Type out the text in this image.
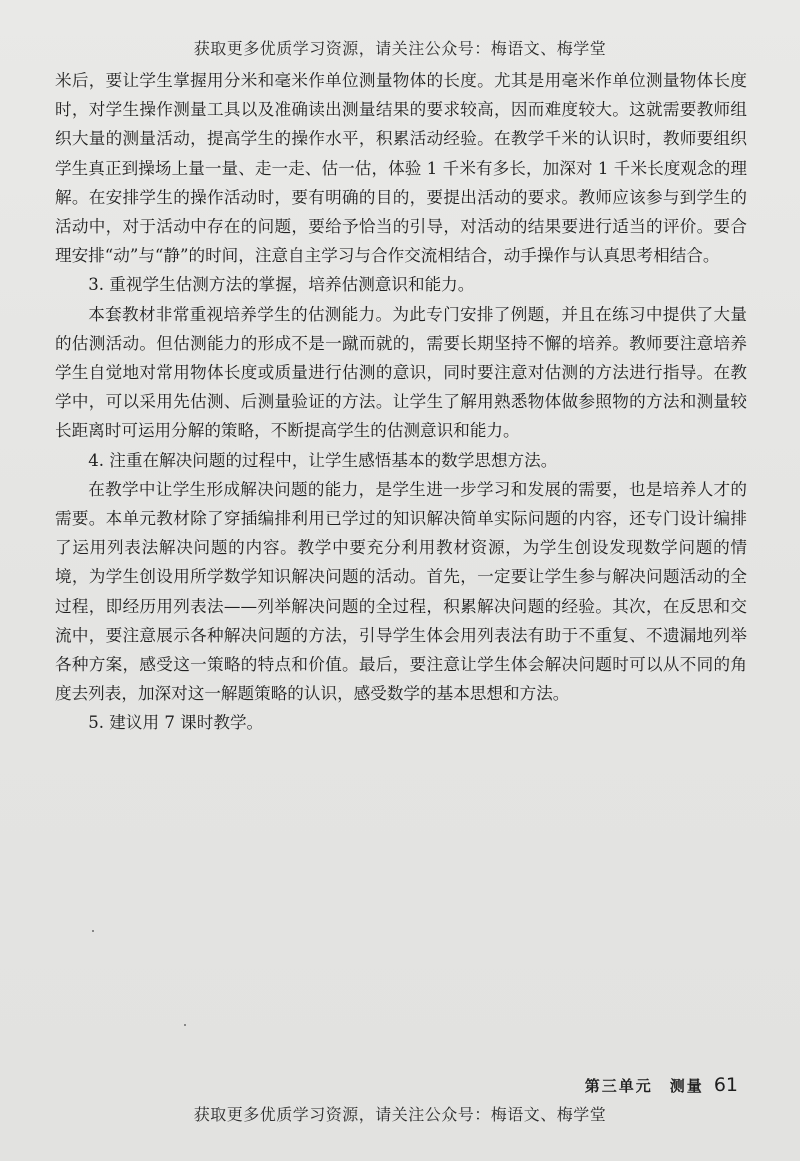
获取更多优质学习资源，请关注公众号：梅语文、梅学堂

米后，要让学生掌握用分米和毫米作单位测量物体的长度。尤其是用毫米作单位测量物体长度时，对学生操作测量工具以及准确读出测量结果的要求较高，因而难度较大。这就需要教师组织大量的测量活动，提高学生的操作水平，积累活动经验。在教学千米的认识时，教师要组织学生真正到操场上量一量、走一走、估一估，体验 1 千米有多长，加深对 1 千米长度观念的理解。在安排学生的操作活动时，要有明确的目的，要提出活动的要求。教师应该参与到学生的活动中，对于活动中存在的问题，要给予恰当的引导，对活动的结果要进行适当的评价。要合理安排“动”与“静”的时间，注意自主学习与合作交流相结合，动手操作与认真思考相结合。

3. 重视学生估测方法的掌握，培养估测意识和能力。

本套教材非常重视培养学生的估测能力。为此专门安排了例题，并且在练习中提供了大量的估测活动。但估测能力的形成不是一蹴而就的，需要长期坚持不懈的培养。教师要注意培养学生自觉地对常用物体长度或质量进行估测的意识，同时要注意对估测的方法进行指导。在教学中，可以采用先估测、后测量验证的方法。让学生了解用熟悉物体做参照物的方法和测量较长距离时可运用分解的策略，不断提高学生的估测意识和能力。

4. 注重在解决问题的过程中，让学生感悟基本的数学思想方法。

在教学中让学生形成解决问题的能力，是学生进一步学习和发展的需要，也是培养人才的需要。本单元教材除了穿插编排利用已学过的知识解决简单实际问题的内容，还专门设计编排了运用列表法解决问题的内容。教学中要充分利用教材资源，为学生创设发现数学问题的情境，为学生创设用所学数学知识解决问题的活动。首先，一定要让学生参与解决问题活动的全过程，即经历用列表法——列举解决问题的全过程，积累解决问题的经验。其次，在反思和交流中，要注意展示各种解决问题的方法，引导学生体会用列表法有助于不重复、不遗漏地列举各种方案，感受这一策略的特点和价值。最后，要注意让学生体会解决问题时可以从不同的角度去列表，加深对这一解题策略的认识，感受数学的基本思想和方法。

5. 建议用 7 课时教学。

第三单元　测量 61
获取更多优质学习资源，请关注公众号：梅语文、梅学堂
